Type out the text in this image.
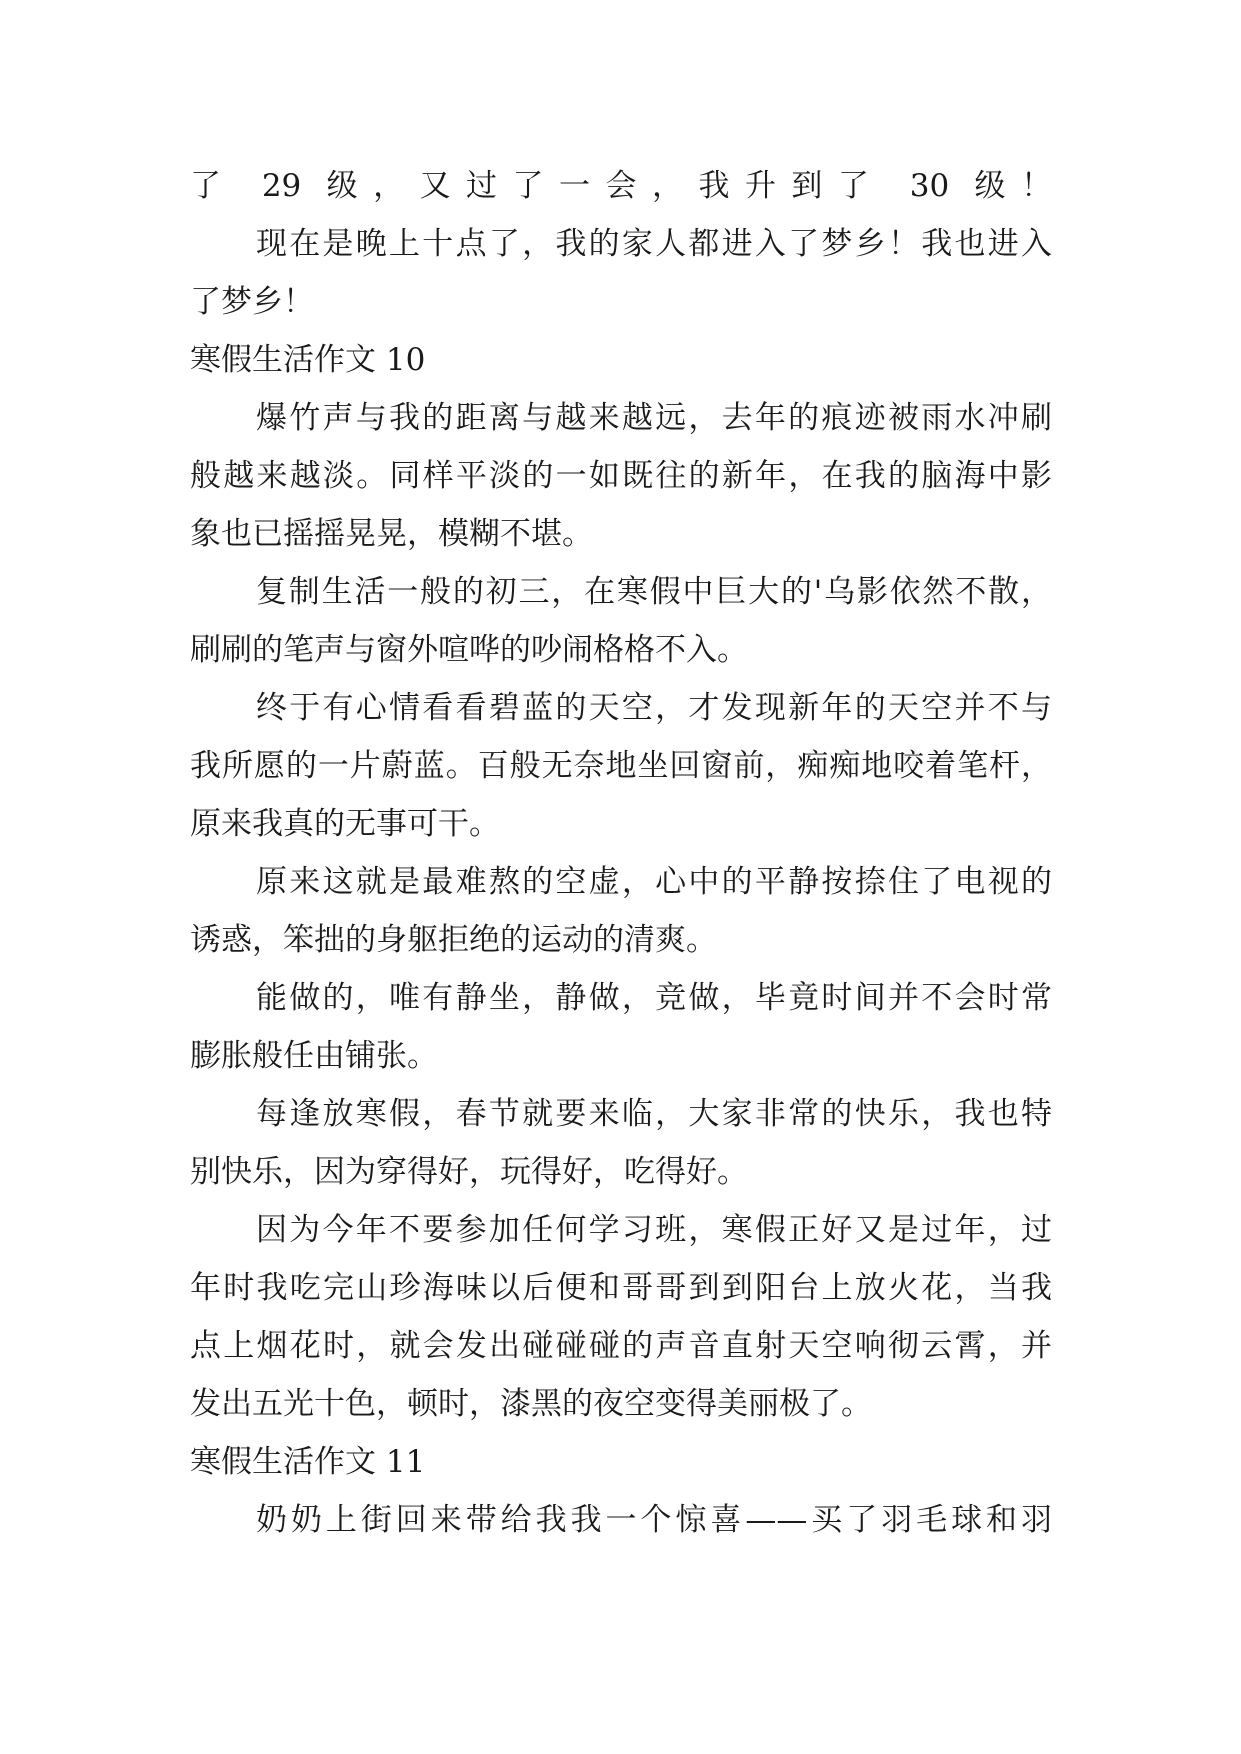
了 29 级，又过了一会，我升到了 30 级！
现在是晚上十点了，我的家人都进入了梦乡！我也进入
了梦乡！
寒假生活作文 10
爆竹声与我的距离与越来越远，去年的痕迹被雨水冲刷
般越来越淡。同样平淡的一如既往的新年，在我的脑海中影
象也已摇摇晃晃，模糊不堪。
复制生活一般的初三，在寒假中巨大的'乌影依然不散，
刷刷的笔声与窗外喧哗的吵闹格格不入。
终于有心情看看碧蓝的天空，才发现新年的天空并不与
我所愿的一片蔚蓝。百般无奈地坐回窗前，痴痴地咬着笔杆，
原来我真的无事可干。
原来这就是最难熬的空虚，心中的平静按捺住了电视的
诱惑，笨拙的身躯拒绝的运动的清爽。
能做的，唯有静坐，静做，竞做，毕竟时间并不会时常
膨胀般任由铺张。
每逢放寒假，春节就要来临，大家非常的快乐，我也特
别快乐，因为穿得好，玩得好，吃得好。
因为今年不要参加任何学习班，寒假正好又是过年，过
年时我吃完山珍海味以后便和哥哥到到阳台上放火花，当我
点上烟花时，就会发出碰碰碰的声音直射天空响彻云霄，并
发出五光十色，顿时，漆黑的夜空变得美丽极了。
寒假生活作文 11
奶奶上街回来带给我我一个惊喜——买了羽毛球和羽
